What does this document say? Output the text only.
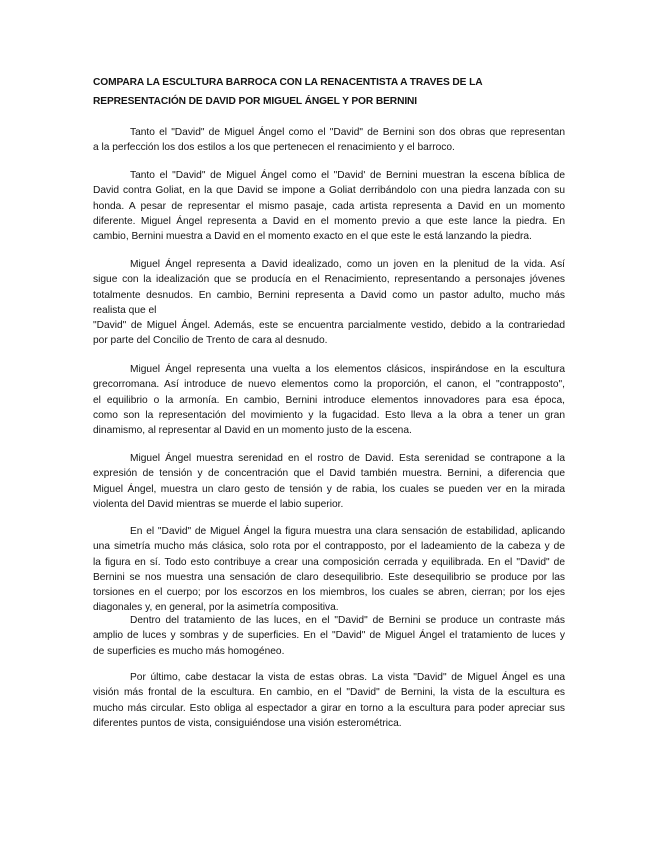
COMPARA LA ESCULTURA BARROCA CON LA RENACENTISTA A TRAVES DE LA REPRESENTACIÓN DE DAVID POR MIGUEL ÁNGEL Y POR BERNINI

Tanto el "David" de Miguel Ángel como el "David" de Bernini son dos obras que representan
a la perfección los dos estilos a los que pertenecen el renacimiento y el barroco.

Tanto el "David" de Miguel Ángel como el "David' de Bernini muestran la escena bíblica de
David contra Goliat, en la que David se impone a Goliat derribándolo con una piedra lanzada con su
honda. A pesar de representar el mismo pasaje, cada artista representa a David en un momento
diferente. Miguel Ángel representa a David en el momento previo a que este lance la piedra. En
cambio, Bernini muestra a David en el momento exacto en el que este le está lanzando la piedra.

Miguel Ángel representa a David idealizado, como un joven en la plenitud de la vida. Así
sigue con la idealización que se producía en el Renacimiento, representando a personajes jóvenes
totalmente desnudos. En cambio, Bernini representa a David como un pastor adulto, mucho más
realista que el
"David" de Miguel Ángel. Además, este se encuentra parcialmente vestido, debido a la contrariedad
por parte del Concilio de Trento de cara al desnudo.

Miguel Ángel representa una vuelta a los elementos clásicos, inspirándose en la escultura
grecorromana. Así introduce de nuevo elementos como la proporción, el canon, el "contrapposto",
el equilibrio o la armonía. En cambio, Bernini introduce elementos innovadores para esa época,
como son la representación del movimiento y la fugacidad. Esto lleva a la obra a tener un gran
dinamismo, al representar al David en un momento justo de la escena.

Miguel Ángel muestra serenidad en el rostro de David. Esta serenidad se contrapone a la
expresión de tensión y de concentración que el David también muestra. Bernini, a diferencia que
Miguel Ángel, muestra un claro gesto de tensión y de rabia, los cuales se pueden ver en la mirada
violenta del David mientras se muerde el labio superior.

En el "David" de Miguel Ángel la figura muestra una clara sensación de estabilidad, aplicando
una simetría mucho más clásica, solo rota por el contrapposto, por el ladeamiento de la cabeza y de
la figura en sí. Todo esto contribuye a crear una composición cerrada y equilibrada. En el "David" de
Bernini se nos muestra una sensación de claro desequilibrio. Este desequilibrio se produce por las
torsiones en el cuerpo; por los escorzos en los miembros, los cuales se abren, cierran; por los ejes
diagonales y, en general, por la asimetría compositiva.

Dentro del tratamiento de las luces, en el "David" de Bernini se produce un contraste más
amplio de luces y sombras y de superficies. En el "David" de Miguel Ángel el tratamiento de luces y
de superficies es mucho más homogéneo.

Por último, cabe destacar la vista de estas obras. La vista "David" de Miguel Ángel es una
visión más frontal de la escultura. En cambio, en el "David" de Bernini, la vista de la escultura es
mucho más circular. Esto obliga al espectador a girar en torno a la escultura para poder apreciar sus
diferentes puntos de vista, consiguiéndose una visión esterométrica.
